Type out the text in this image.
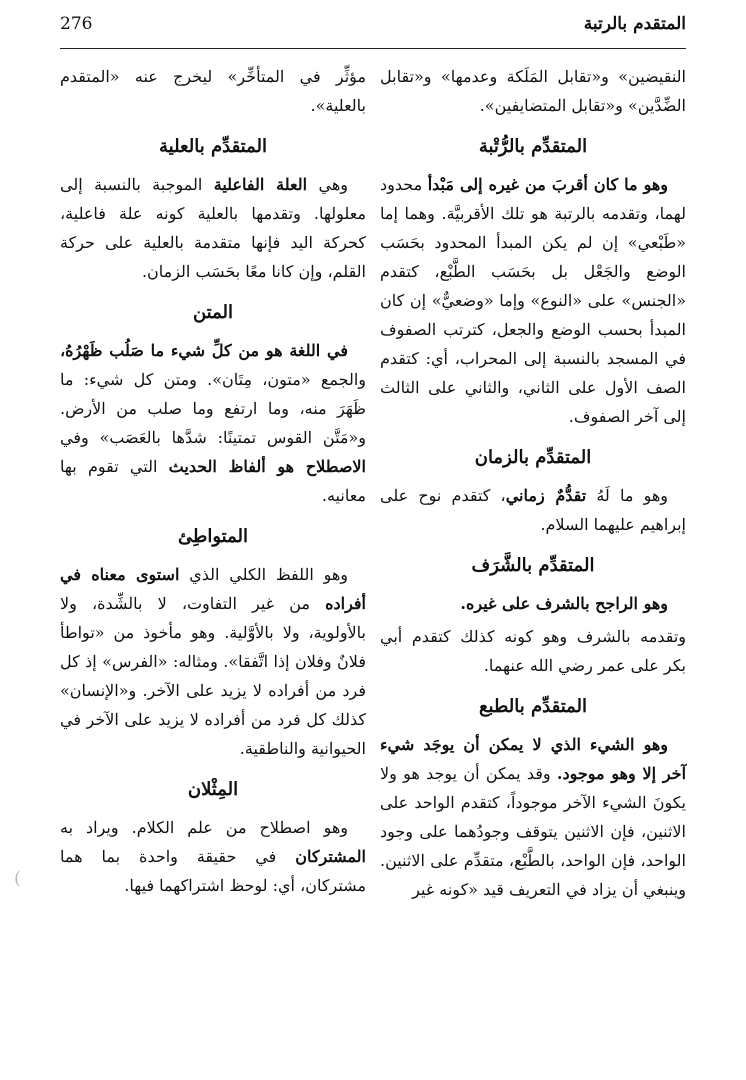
المتقدم بالرتبة
276

النقيضين» و«تقابل المَلَكة وعدمها» و«تقابل الضِّدَّين» و«تقابل المتضايفين».

المتقدِّم بالرُّتْبة

وهو ما كان أقربَ من غيره إلى مَبْدأ محدود لهما، وتقدمه بالرتبة هو تلك الأقربيَّة. وهما إما «طَبْعي» إن لم يكن المبدأ المحدود بحَسَب الوضع والجَعْل بل بحَسَب الطَّبْع، كتقدم «الجنس» على «النوع» وإما «وضعيٌّ» إن كان المبدأ بحسب الوضع والجعل، كترتب الصفوف في المسجد بالنسبة إلى المحراب، أي: كتقدم الصف الأول على الثاني، والثاني على الثالث إلى آخر الصفوف.

المتقدِّم بالزمان

وهو ما لَهُ تقدُّمٌ زماني، كتقدم نوح على إبراهيم عليهما السلام.

المتقدِّم بالشَّرَف

وهو الراجح بالشرف على غيره.

وتقدمه بالشرف وهو كونه كذلك كتقدم أبي بكر على عمر رضي الله عنهما.

المتقدِّم بالطبع

وهو الشيء الذي لا يمكن أن يوجَد شيء آخر إلا وهو موجود. وقد يمكن أن يوجد هو ولا يكونَ الشيء الآخر موجوداً، كتقدم الواحد على الاثنين، فإن الاثنين يتوقف وجودُهما على وجود الواحد، فإن الواحد، بالطَّبْع، متقدِّم على الاثنين. وينبغي أن يزاد في التعريف قيد «كونه غير

مؤثِّر في المتأخِّر» ليخرج عنه «المتقدم بالعلية».

المتقدِّم بالعلية

وهي العلة الفاعلية الموجبة بالنسبة إلى معلولها. وتقدمها بالعلية كونه علة فاعلية، كحركة اليد فإنها متقدمة بالعلية على حركة القلم، وإن كانا معًا بحَسَب الزمان.

المتن

في اللغة هو من كلِّ شيء ما صَلُب ظَهْرُهُ، والجمع «متون، مِتَان». ومتن كل شيء: ما ظَهَرَ منه، وما ارتفع وما صلب من الأرض. و«مَتَّن القوس تمتينًا: شدَّها بالعَصَب» وفي الاصطلاح هو ألفاظ الحديث التي تقوم بها معانيه.

المتواطِئ

وهو اللفظ الكلي الذي استوى معناه في أفراده من غير التفاوت، لا بالشِّدة، ولا بالأولوية، ولا بالأوَّلية. وهو مأخوذ من «تواطأ فلانٌ وفلان إذا اتَّفقا». ومثاله: «الفرس» إذ كل فرد من أفراده لا يزيد على الآخر. و«الإنسان» كذلك كل فرد من أفراده لا يزيد على الآخر في الحيوانية والناطقية.

المِثْلان

وهو اصطلاح من علم الكلام. ويراد به المشتركان في حقيقة واحدة بما هما مشتركان، أي: لوحظ اشتراكهما فيها.

(
